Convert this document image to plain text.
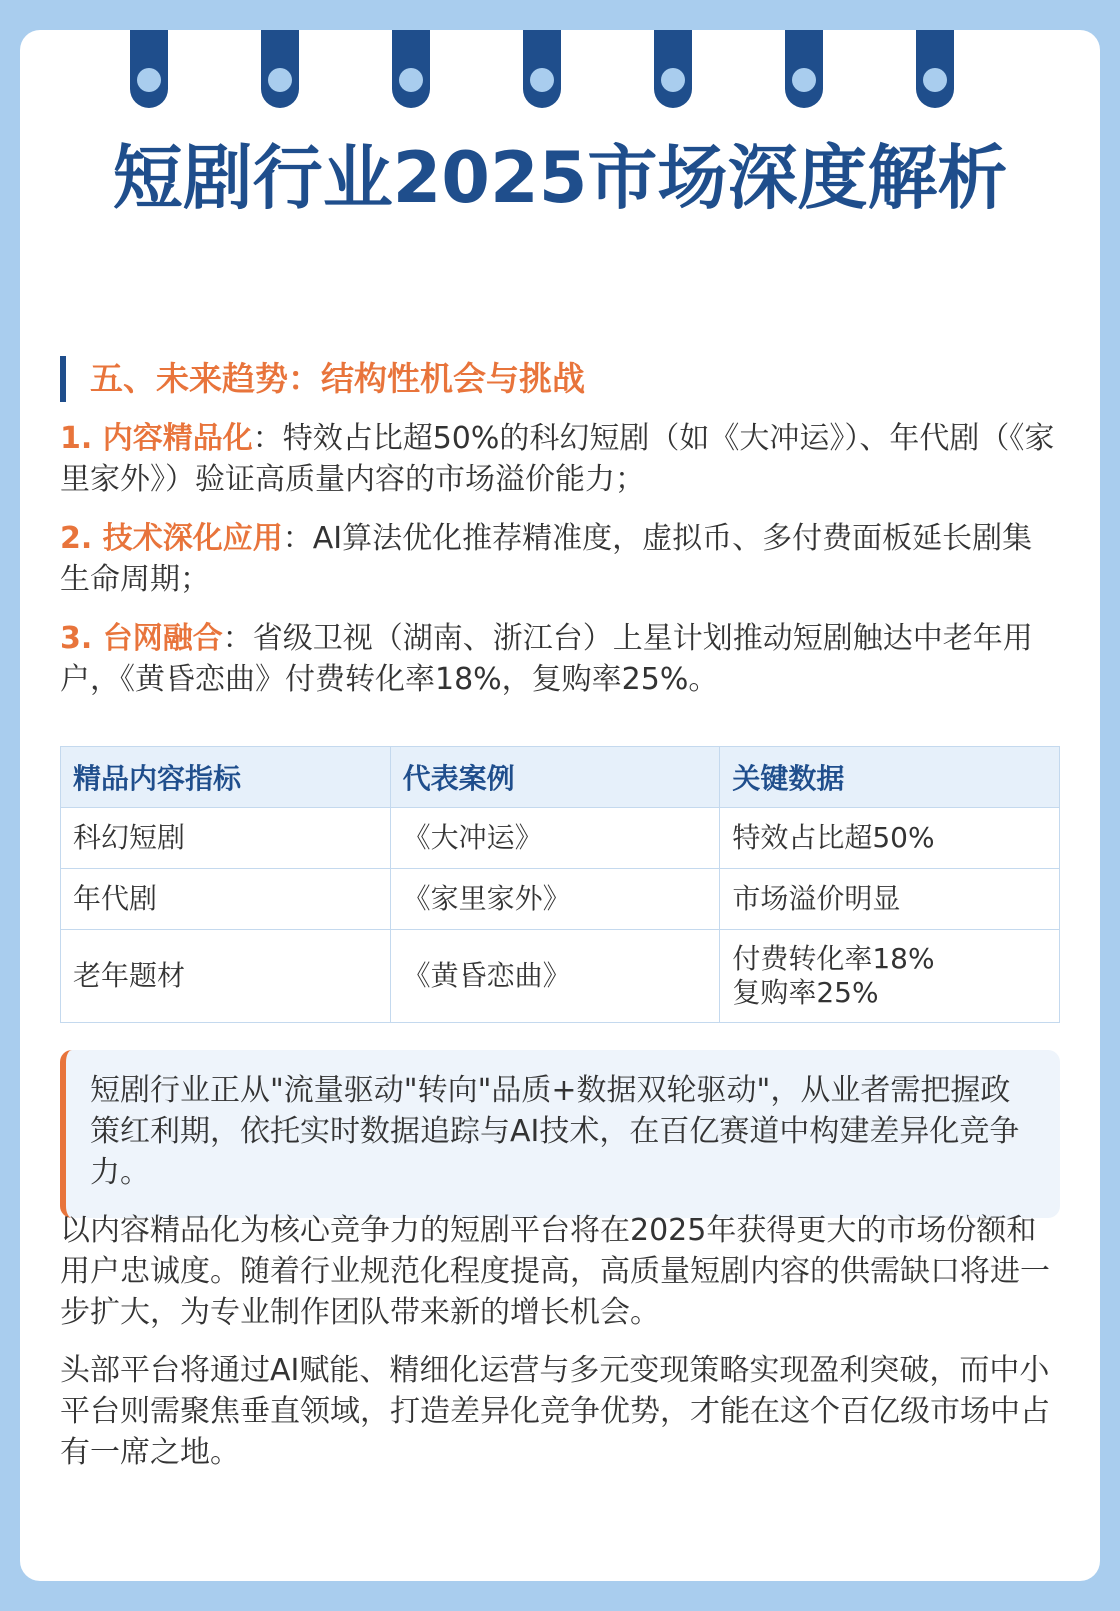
短剧行业2025市场深度解析
五、未来趋势：结构性机会与挑战

1. 内容精品化：特效占比超50%的科幻短剧（如《大冲运》）、年代剧（《家里家外》）验证高质量内容的市场溢价能力；

2. 技术深化应用：AI算法优化推荐精准度，虚拟币、多付费面板延长剧集生命周期；

3. 台网融合：省级卫视（湖南、浙江台）上星计划推动短剧触达中老年用户，《黄昏恋曲》付费转化率18%，复购率25%。

精品内容指标	代表案例	关键数据
科幻短剧	《大冲运》	特效占比超50%
年代剧	《家里家外》	市场溢价明显
老年题材	《黄昏恋曲》	付费转化率18%
复购率25%
短剧行业正从"流量驱动"转向"品质+数据双轮驱动"，从业者需把握政策红利期，依托实时数据追踪与AI技术，在百亿赛道中构建差异化竞争力。

以内容精品化为核心竞争力的短剧平台将在2025年获得更大的市场份额和用户忠诚度。随着行业规范化程度提高，高质量短剧内容的供需缺口将进一步扩大，为专业制作团队带来新的增长机会。

头部平台将通过AI赋能、精细化运营与多元变现策略实现盈利突破，而中小平台则需聚焦垂直领域，打造差异化竞争优势，才能在这个百亿级市场中占有一席之地。
